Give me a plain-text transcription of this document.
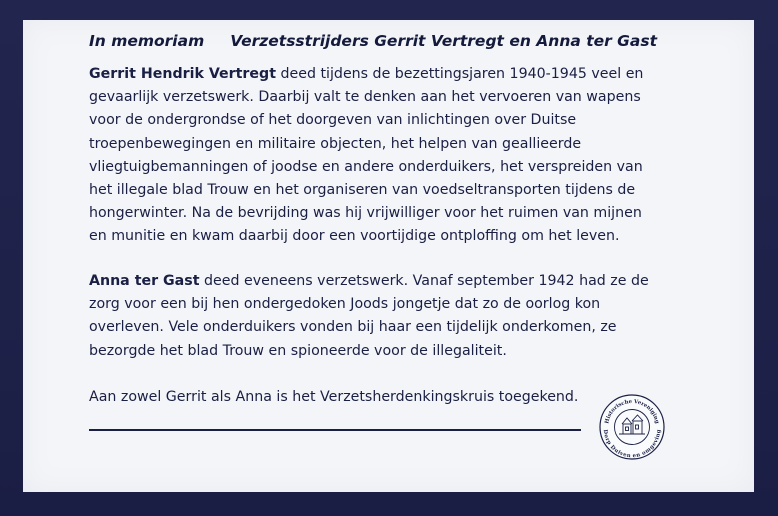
In memoriam Verzetsstrijders Gerrit Vertregt en Anna ter Gast
Gerrit Hendrik Vertregt deed tijdens de bezettingsjaren 1940-1945 veel en gevaarlijk verzetswerk. Daarbij valt te denken aan het vervoeren van wapens voor de ondergrondse of het doorgeven van inlichtingen over Duitse troepenbewegingen en militaire objecten, het helpen van geallieerde vliegtuigbemanningen of joodse en andere onderduikers, het verspreiden van het illegale blad Trouw en het organiseren van voedseltransporten tijdens de hongerwinter. Na de bevrijding was hij vrijwilliger voor het ruimen van mijnen en munitie en kwam daarbij door een voortijdige ontploffing om het leven.
Anna ter Gast deed eveneens verzetswerk. Vanaf september 1942 had ze de zorg voor een bij hen ondergedoken Joods jongetje dat zo de oorlog kon overleven. Vele onderduikers vonden bij haar een tijdelijk onderkomen, ze bezorgde het blad Trouw en spioneerde voor de illegaliteit.
Aan zowel Gerrit als Anna is het Verzetsherdenkingskruis toegekend.
Historische Vereniging
Dorp Duiven en omgeving
